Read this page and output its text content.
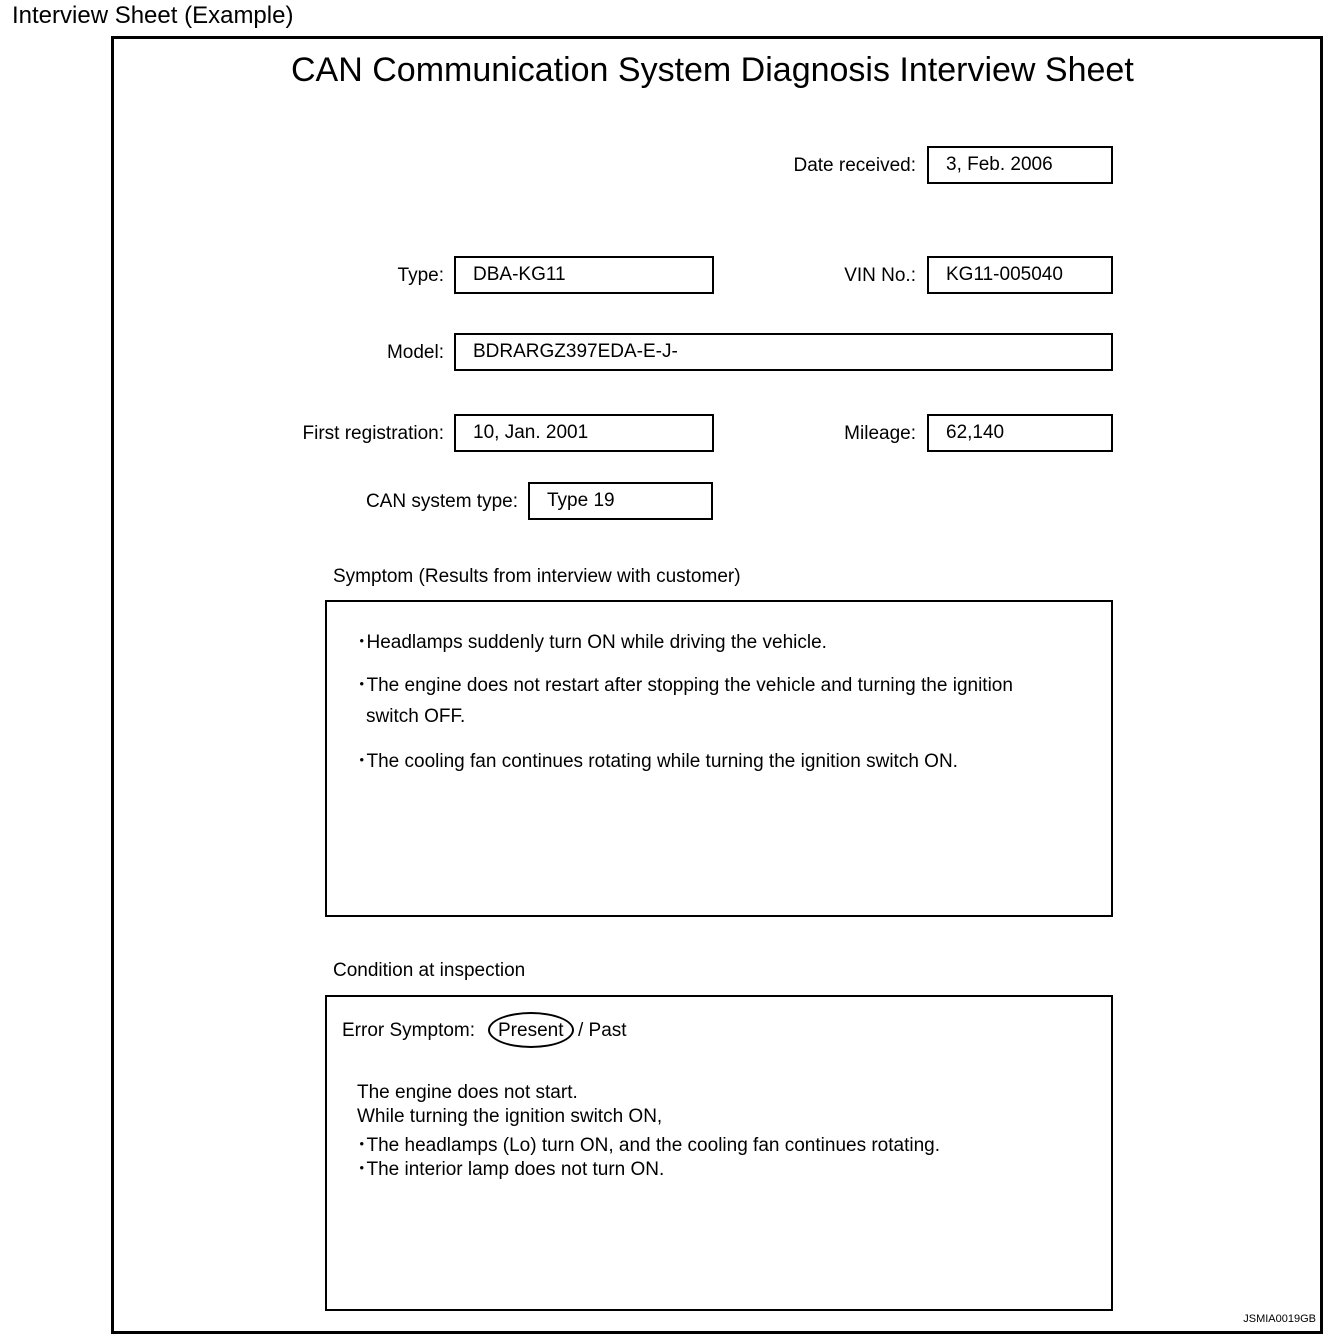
Interview Sheet (Example)
CAN Communication System Diagnosis Interview Sheet
Date received:	3, Feb. 2006
Type:	DBA-KG11	VIN No.:	KG11-005040
Model:	BDRARGZ397EDA-E-J-
First registration:	10, Jan. 2001	Mileage:	62,140
CAN system type:	Type 19
Symptom (Results from interview with customer)
･Headlamps suddenly turn ON while driving the vehicle.
･The engine does not restart after stopping the vehicle and turning the ignition
switch OFF.
･The cooling fan continues rotating while turning the ignition switch ON.
Condition at inspection
Error Symptom: Present / Past
The engine does not start.
While turning the ignition switch ON,
･The headlamps (Lo) turn ON, and the cooling fan continues rotating.
･The interior lamp does not turn ON.
JSMIA0019GB
